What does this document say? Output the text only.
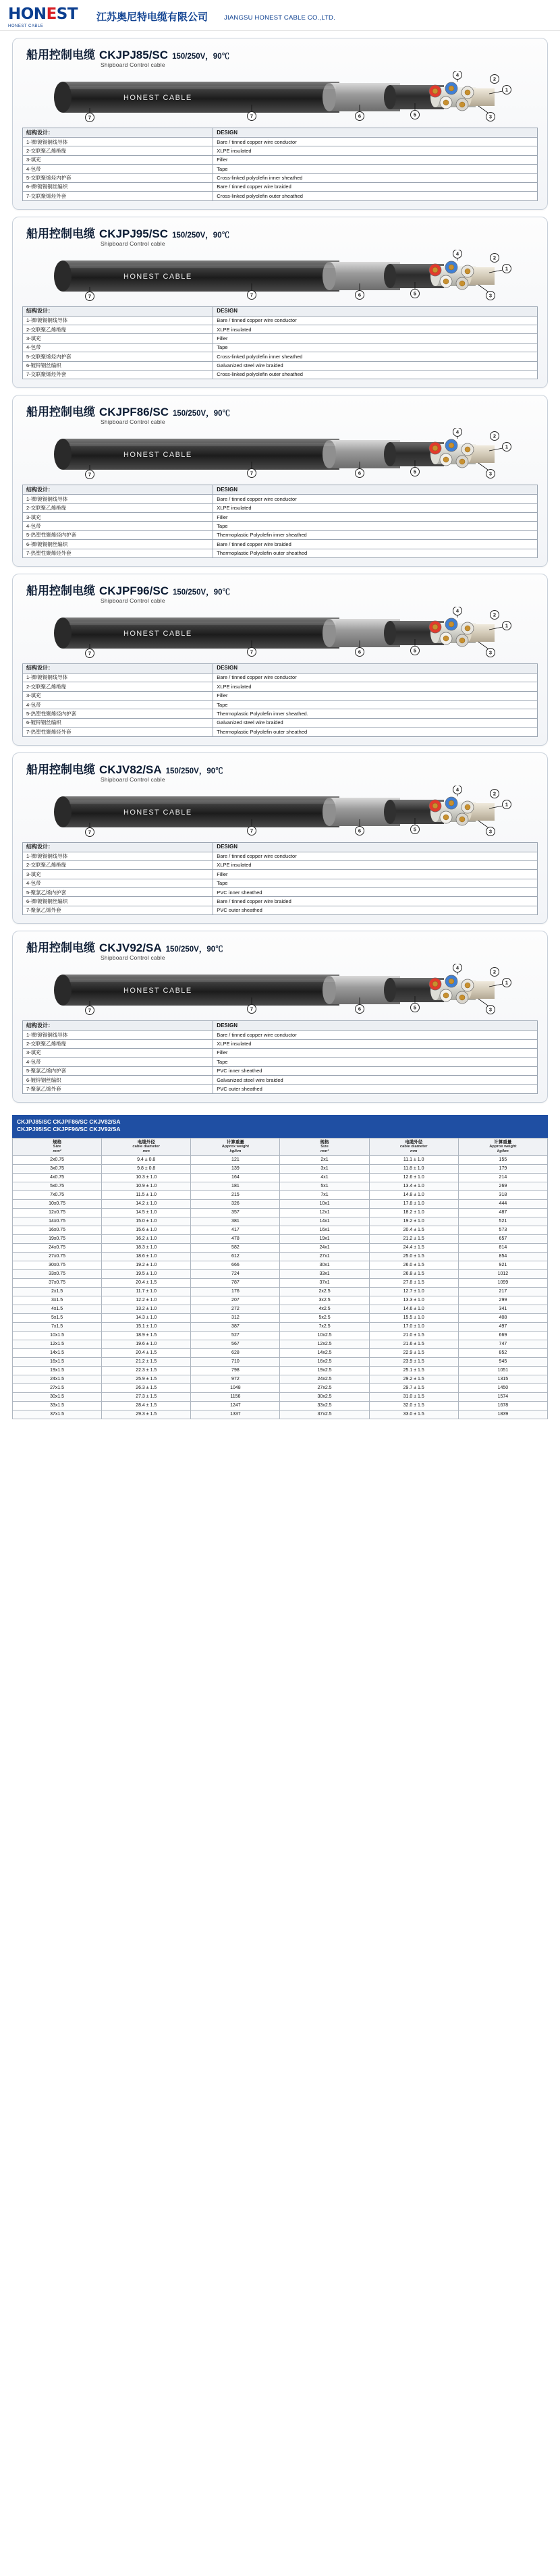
HONEST
HONEST CABLE
江苏奥尼特电缆有限公司	JIANGSU HONEST CABLE CO.,LTD.
船用控制电缆 CKJPJ85/SC 150/250V，90℃
Shipboard Control cable
HONEST CABLE
7	7	6	5
4
1
3
2
结构设计：	DESIGN
1-裸/镀锡铜线导体	Bare / tinned copper wire conductor
2-交联聚乙烯绝缘	XLPE insulated
3-填充	Filler
4-包带	Tape
5-交联聚烯烃内护套	Cross-linked polyolefin inner sheathed
6-裸/镀锡铜丝编织	Bare / tinned copper wire braided
7-交联聚烯烃外套	Cross-linked polyolefin outer sheathed
船用控制电缆 CKJPJ95/SC 150/250V，90℃
Shipboard Control cable
HONEST CABLE
7	7	6	5
4
1
3
2
结构设计：	DESIGN
1-裸/镀锡铜线导体	Bare / tinned copper wire conductor
2-交联聚乙烯绝缘	XLPE insulated
3-填充	Filler
4-包带	Tape
5-交联聚烯烃内护套	Cross-linked polyolefin inner sheathed
6-镀锌钢丝编织	Galvanized steel wire braided
7-交联聚烯烃外套	Cross-linked polyolefin outer sheathed
船用控制电缆 CKJPF86/SC 150/250V，90℃
Shipboard Control cable
HONEST CABLE
7	7	6	5
4
1
3
2
结构设计：	DESIGN
1-裸/镀锡铜线导体	Bare / tinned copper wire conductor
2-交联聚乙烯绝缘	XLPE insulated
3-填充	Filler
4-包带	Tape
5-热塑性聚烯烃内护套	Thermoplastic Polyolefin inner sheathed
6-裸/镀锡铜丝编织	Bare / tinned copper wire braided
7-热塑性聚烯烃外套	Thermoplastic Polyolefin outer sheathed
船用控制电缆 CKJPF96/SC 150/250V，90℃
Shipboard Control cable
HONEST CABLE
7	7	6	5
4
1
3
2
结构设计：	DESIGN
1-裸/镀锡铜线导体	Bare / tinned copper wire conductor
2-交联聚乙烯绝缘	XLPE insulated
3-填充	Filler
4-包带	Tape
5-热塑性聚烯烃内护套	Thermoplastic Polyolefin inner sheathed.
6-镀锌钢丝编织	Galvanized steel wire braided
7-热塑性聚烯烃外套	Thermoplastic Polyolefin outer sheathed
船用控制电缆 CKJV82/SA 150/250V，90℃
Shipboard Control cable
HONEST CABLE
7	7	6	5
4
1
3
2
结构设计：	DESIGN
1-裸/镀锡铜线导体	Bare / tinned copper wire conductor
2-交联聚乙烯绝缘	XLPE insulated
3-填充	Filler
4-包带	Tape
5-聚氯乙烯内护套	PVC inner sheathed
6-裸/镀锡铜丝编织	Bare / tinned copper wire braided
7-聚氯乙烯外套	PVC outer sheathed
船用控制电缆 CKJV92/SA 150/250V，90℃
Shipboard Control cable
HONEST CABLE
7	7	6	5
4
1
3
2
结构设计：	DESIGN
1-裸/镀锡铜线导体	Bare / tinned copper wire conductor
2-交联聚乙烯绝缘	XLPE insulated
3-填充	Filler
4-包带	Tape
5-聚氯乙烯内护套	PVC inner sheathed
6-镀锌钢丝编织	Galvanized steel wire braided
7-聚氯乙烯外套	PVC outer sheathed
CKJPJ85/SC CKJPF86/SC CKJV82/SA
CKJPJ95/SC CKJPF96/SC CKJV92/SA
规格
Size
mm²	电缆外径
cable diameter
mm	计算重量
Approx weight
kg/km	规格
Size
mm²	电缆外径
cable diameter
mm	计算重量
Approx weight
kg/km

2x0.75	9.4 ± 0.8	121	2x1	11.1 ± 1.0	155
3x0.75	9.8 ± 0.8	139	3x1	11.8 ± 1.0	179
4x0.75	10.3 ± 1.0	164	4x1	12.6 ± 1.0	214
5x0.75	10.9 ± 1.0	181	5x1	13.4 ± 1.0	269
7x0.75	11.5 ± 1.0	215	7x1	14.8 ± 1.0	318
10x0.75	14.2 ± 1.0	326	10x1	17.8 ± 1.0	444
12x0.75	14.5 ± 1.0	357	12x1	18.2 ± 1.0	487
14x0.75	15.0 ± 1.0	381	14x1	19.2 ± 1.0	521
16x0.75	15.6 ± 1.0	417	16x1	20.4 ± 1.5	573
19x0.75	16.2 ± 1.0	478	19x1	21.2 ± 1.5	657
24x0.75	18.3 ± 1.0	582	24x1	24.4 ± 1.5	814
27x0.75	18.6 ± 1.0	612	27x1	25.0 ± 1.5	854
30x0.75	19.2 ± 1.0	666	30x1	26.0 ± 1.5	921
33x0.75	19.5 ± 1.0	724	33x1	26.8 ± 1.5	1012
37x0.75	20.4 ± 1.5	787	37x1	27.8 ± 1.5	1099
2x1.5	11.7 ± 1.0	176	2x2.5	12.7 ± 1.0	217
3x1.5	12.2 ± 1.0	207	3x2.5	13.3 ± 1.0	299
4x1.5	13.2 ± 1.0	272	4x2.5	14.6 ± 1.0	341
5x1.5	14.3 ± 1.0	312	5x2.5	15.5 ± 1.0	408
7x1.5	15.1 ± 1.0	387	7x2.5	17.0 ± 1.0	497
10x1.5	18.9 ± 1.5	527	10x2.5	21.0 ± 1.5	669
12x1.5	19.6 ± 1.0	567	12x2.5	21.6 ± 1.5	747
14x1.5	20.4 ± 1.5	628	14x2.5	22.9 ± 1.5	852
16x1.5	21.2 ± 1.5	710	16x2.5	23.9 ± 1.5	945
19x1.5	22.3 ± 1.5	798	19x2.5	25.1 ± 1.5	1051
24x1.5	25.9 ± 1.5	972	24x2.5	29.2 ± 1.5	1315
27x1.5	26.3 ± 1.5	1048	27x2.5	29.7 ± 1.5	1450
30x1.5	27.3 ± 1.5	1156	30x2.5	31.0 ± 1.5	1574
33x1.5	28.4 ± 1.5	1247	33x2.5	32.0 ± 1.5	1678
37x1.5	29.3 ± 1.5	1337	37x2.5	33.0 ± 1.5	1839
